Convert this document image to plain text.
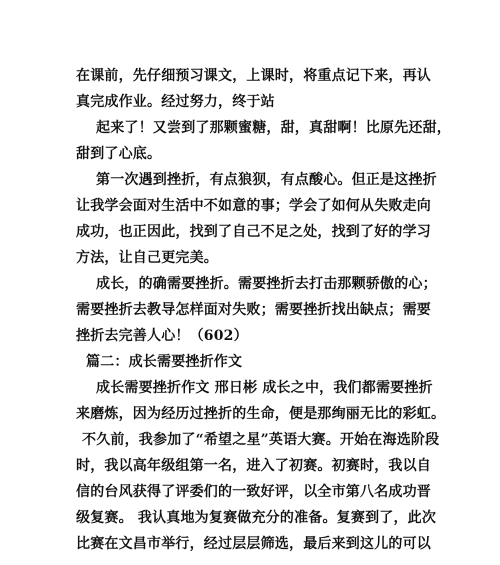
在课前，先仔细预习课文，上课时，将重点记下来，再认
真完成作业。经过努力，终于站
起来了！又尝到了那颗蜜糖，甜，真甜啊！比原先还甜，
甜到了心底。
第一次遇到挫折，有点狼狈，有点酸心。但正是这挫折
让我学会面对生活中不如意的事；学会了如何从失败走向
成功，也正因此，找到了自己不足之处，找到了好的学习
方法，让自己更完美。
成长，的确需要挫折。需要挫折去打击那颗骄傲的心；
需要挫折去教导怎样面对失败；需要挫折找出缺点；需要
挫折去完善人心！（602）
篇二：成长需要挫折作文
成长需要挫折作文 邢日彬 成长之中，我们都需要挫折
来磨炼，因为经历过挫折的生命，便是那绚丽无比的彩虹。
不久前，我参加了“希望之星”英语大赛。开始在海选阶段
时，我以高年级组第一名，进入了初赛。初赛时，我以自
信的台风获得了评委们的一致好评，以全市第八名成功晋
级复赛。 我认真地为复赛做充分的准备。复赛到了，此次
比赛在文昌市举行，经过层层筛选，最后来到这儿的可以
